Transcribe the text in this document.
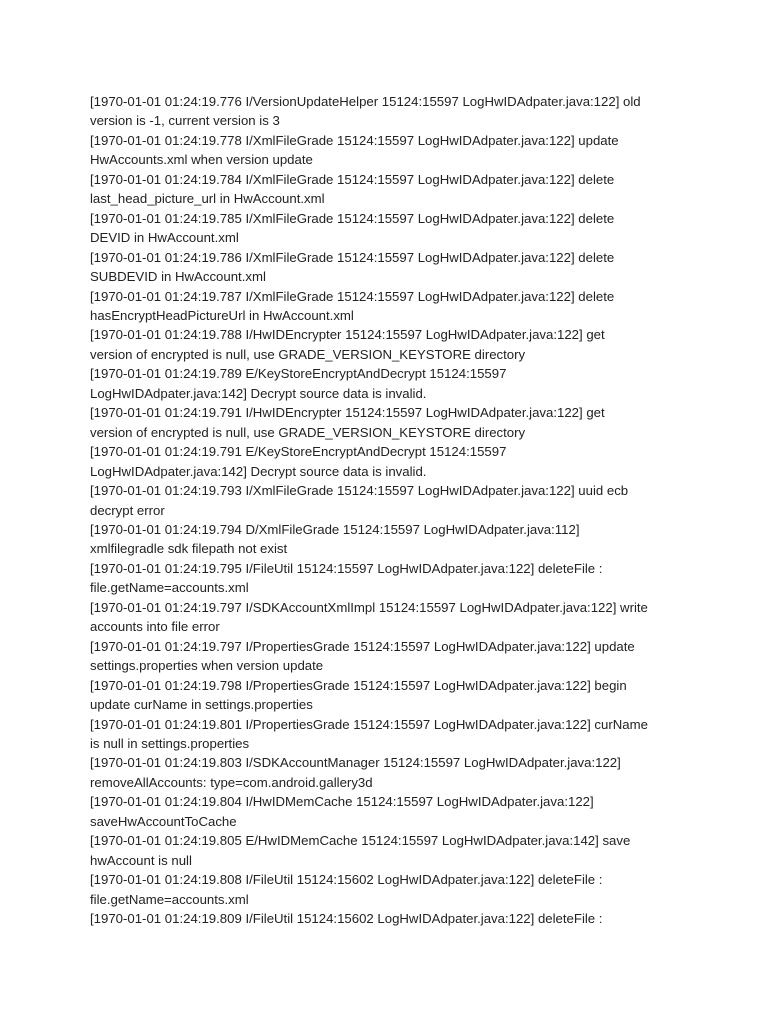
[1970-01-01 01:24:19.776 I/VersionUpdateHelper 15124:15597 LogHwIDAdpater.java:122] old

version is -1, current version is 3

[1970-01-01 01:24:19.778 I/XmlFileGrade 15124:15597 LogHwIDAdpater.java:122] update

HwAccounts.xml when version update

[1970-01-01 01:24:19.784 I/XmlFileGrade 15124:15597 LogHwIDAdpater.java:122] delete

last_head_picture_url in HwAccount.xml

[1970-01-01 01:24:19.785 I/XmlFileGrade 15124:15597 LogHwIDAdpater.java:122] delete

DEVID in HwAccount.xml

[1970-01-01 01:24:19.786 I/XmlFileGrade 15124:15597 LogHwIDAdpater.java:122] delete

SUBDEVID in HwAccount.xml

[1970-01-01 01:24:19.787 I/XmlFileGrade 15124:15597 LogHwIDAdpater.java:122] delete

hasEncryptHeadPictureUrl in HwAccount.xml

[1970-01-01 01:24:19.788 I/HwIDEncrypter 15124:15597 LogHwIDAdpater.java:122] get

version of encrypted is null, use GRADE_VERSION_KEYSTORE directory

[1970-01-01 01:24:19.789 E/KeyStoreEncryptAndDecrypt 15124:15597

LogHwIDAdpater.java:142] Decrypt source data is invalid.

[1970-01-01 01:24:19.791 I/HwIDEncrypter 15124:15597 LogHwIDAdpater.java:122] get

version of encrypted is null, use GRADE_VERSION_KEYSTORE directory

[1970-01-01 01:24:19.791 E/KeyStoreEncryptAndDecrypt 15124:15597

LogHwIDAdpater.java:142] Decrypt source data is invalid.

[1970-01-01 01:24:19.793 I/XmlFileGrade 15124:15597 LogHwIDAdpater.java:122] uuid ecb

decrypt error

[1970-01-01 01:24:19.794 D/XmlFileGrade 15124:15597 LogHwIDAdpater.java:112]

xmlfilegradle sdk filepath not exist

[1970-01-01 01:24:19.795 I/FileUtil 15124:15597 LogHwIDAdpater.java:122] deleteFile :

file.getName=accounts.xml

[1970-01-01 01:24:19.797 I/SDKAccountXmlImpl 15124:15597 LogHwIDAdpater.java:122] write

accounts into file error

[1970-01-01 01:24:19.797 I/PropertiesGrade 15124:15597 LogHwIDAdpater.java:122] update

settings.properties when version update

[1970-01-01 01:24:19.798 I/PropertiesGrade 15124:15597 LogHwIDAdpater.java:122] begin

update curName in settings.properties

[1970-01-01 01:24:19.801 I/PropertiesGrade 15124:15597 LogHwIDAdpater.java:122] curName

is null in settings.properties

[1970-01-01 01:24:19.803 I/SDKAccountManager 15124:15597 LogHwIDAdpater.java:122]

removeAllAccounts: type=com.android.gallery3d

[1970-01-01 01:24:19.804 I/HwIDMemCache 15124:15597 LogHwIDAdpater.java:122]

saveHwAccountToCache

[1970-01-01 01:24:19.805 E/HwIDMemCache 15124:15597 LogHwIDAdpater.java:142] save

hwAccount is null

[1970-01-01 01:24:19.808 I/FileUtil 15124:15602 LogHwIDAdpater.java:122] deleteFile :

file.getName=accounts.xml

[1970-01-01 01:24:19.809 I/FileUtil 15124:15602 LogHwIDAdpater.java:122] deleteFile :
